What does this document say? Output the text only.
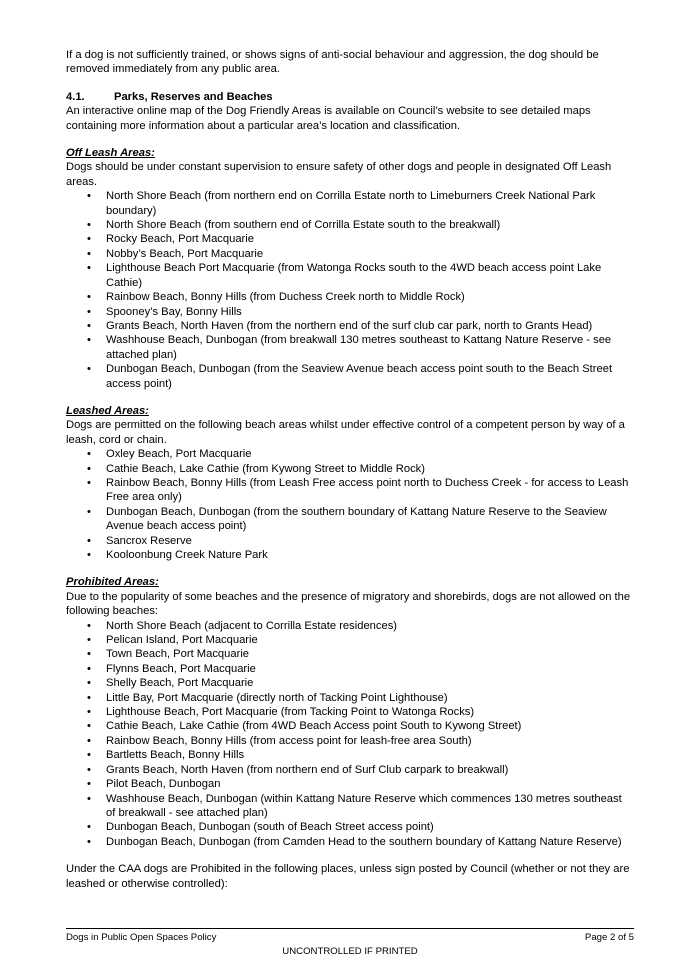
If a dog is not sufficiently trained, or shows signs of anti-social behaviour and aggression, the dog should be removed immediately from any public area.

4.1.	Parks, Reserves and Beaches

An interactive online map of the Dog Friendly Areas is available on Council’s website to see detailed maps containing more information about a particular area’s location and classification.

Off Leash Areas:

Dogs should be under constant supervision to ensure safety of other dogs and people in designated Off Leash areas.

• North Shore Beach (from northern end on Corrilla Estate north to Limeburners Creek National Park boundary)
• North Shore Beach (from southern end of Corrilla Estate south to the breakwall)
• Rocky Beach, Port Macquarie
• Nobby’s Beach, Port Macquarie
• Lighthouse Beach Port Macquarie (from Watonga Rocks south to the 4WD beach access point Lake Cathie)
• Rainbow Beach, Bonny Hills (from Duchess Creek north to Middle Rock)
• Spooney’s Bay, Bonny Hills
• Grants Beach, North Haven (from the northern end of the surf club car park, north to Grants Head)
• Washhouse Beach, Dunbogan (from breakwall 130 metres southeast to Kattang Nature Reserve - see attached plan)
• Dunbogan Beach, Dunbogan (from the Seaview Avenue beach access point south to the Beach Street access point)

Leashed Areas:

Dogs are permitted on the following beach areas whilst under effective control of a competent person by way of a leash, cord or chain.

• Oxley Beach, Port Macquarie
• Cathie Beach, Lake Cathie (from Kywong Street to Middle Rock)
• Rainbow Beach, Bonny Hills (from Leash Free access point north to Duchess Creek - for access to Leash Free area only)
• Dunbogan Beach, Dunbogan (from the southern boundary of Kattang Nature Reserve to the Seaview Avenue beach access point)
• Sancrox Reserve
• Kooloonbung Creek Nature Park

Prohibited Areas:

Due to the popularity of some beaches and the presence of migratory and shorebirds, dogs are not allowed on the following beaches:

• North Shore Beach (adjacent to Corrilla Estate residences)
• Pelican Island, Port Macquarie
• Town Beach, Port Macquarie
• Flynns Beach, Port Macquarie
• Shelly Beach, Port Macquarie
• Little Bay, Port Macquarie (directly north of Tacking Point Lighthouse)
• Lighthouse Beach, Port Macquarie (from Tacking Point to Watonga Rocks)
• Cathie Beach, Lake Cathie (from 4WD Beach Access point South to Kywong Street)
• Rainbow Beach, Bonny Hills (from access point for leash-free area South)
• Bartletts Beach, Bonny Hills
• Grants Beach, North Haven (from northern end of Surf Club carpark to breakwall)
• Pilot Beach, Dunbogan
• Washhouse Beach, Dunbogan (within Kattang Nature Reserve which commences 130 metres southeast of breakwall - see attached plan)
• Dunbogan Beach, Dunbogan (south of Beach Street access point)
• Dunbogan Beach, Dunbogan (from Camden Head to the southern boundary of Kattang Nature Reserve)

Under the CAA dogs are Prohibited in the following places, unless sign posted by Council (whether or not they are leashed or otherwise controlled):

Dogs in Public Open Spaces Policy	Page 2 of 5
UNCONTROLLED IF PRINTED
